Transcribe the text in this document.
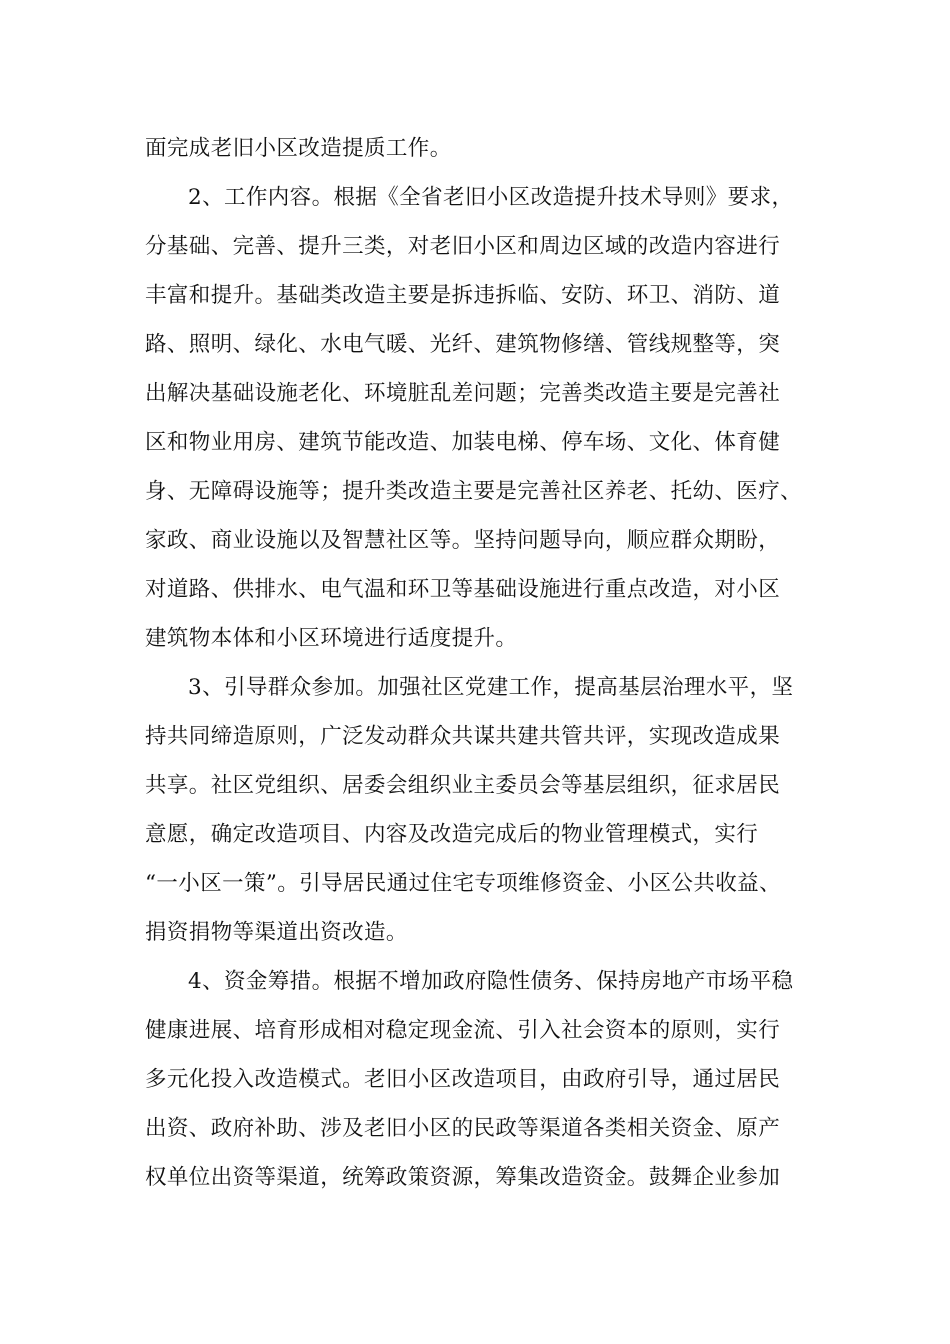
面完成老旧小区改造提质工作。
2、工作内容。根据《全省老旧小区改造提升技术导则》要求，
分基础、完善、提升三类，对老旧小区和周边区域的改造内容进行
丰富和提升。基础类改造主要是拆违拆临、安防、环卫、消防、道
路、照明、绿化、水电气暖、光纤、建筑物修缮、管线规整等，突
出解决基础设施老化、环境脏乱差问题；完善类改造主要是完善社
区和物业用房、建筑节能改造、加装电梯、停车场、文化、体育健
身、无障碍设施等；提升类改造主要是完善社区养老、托幼、医疗、
家政、商业设施以及智慧社区等。坚持问题导向，顺应群众期盼，
对道路、供排水、电气温和环卫等基础设施进行重点改造，对小区
建筑物本体和小区环境进行适度提升。
3、引导群众参加。加强社区党建工作，提高基层治理水平，坚
持共同缔造原则，广泛发动群众共谋共建共管共评，实现改造成果
共享。社区党组织、居委会组织业主委员会等基层组织，征求居民
意愿，确定改造项目、内容及改造完成后的物业管理模式，实行
“一小区一策”。引导居民通过住宅专项维修资金、小区公共收益、
捐资捐物等渠道出资改造。
4、资金筹措。根据不增加政府隐性债务、保持房地产市场平稳
健康进展、培育形成相对稳定现金流、引入社会资本的原则，实行
多元化投入改造模式。老旧小区改造项目，由政府引导，通过居民
出资、政府补助、涉及老旧小区的民政等渠道各类相关资金、原产
权单位出资等渠道，统筹政策资源，筹集改造资金。鼓舞企业参加
